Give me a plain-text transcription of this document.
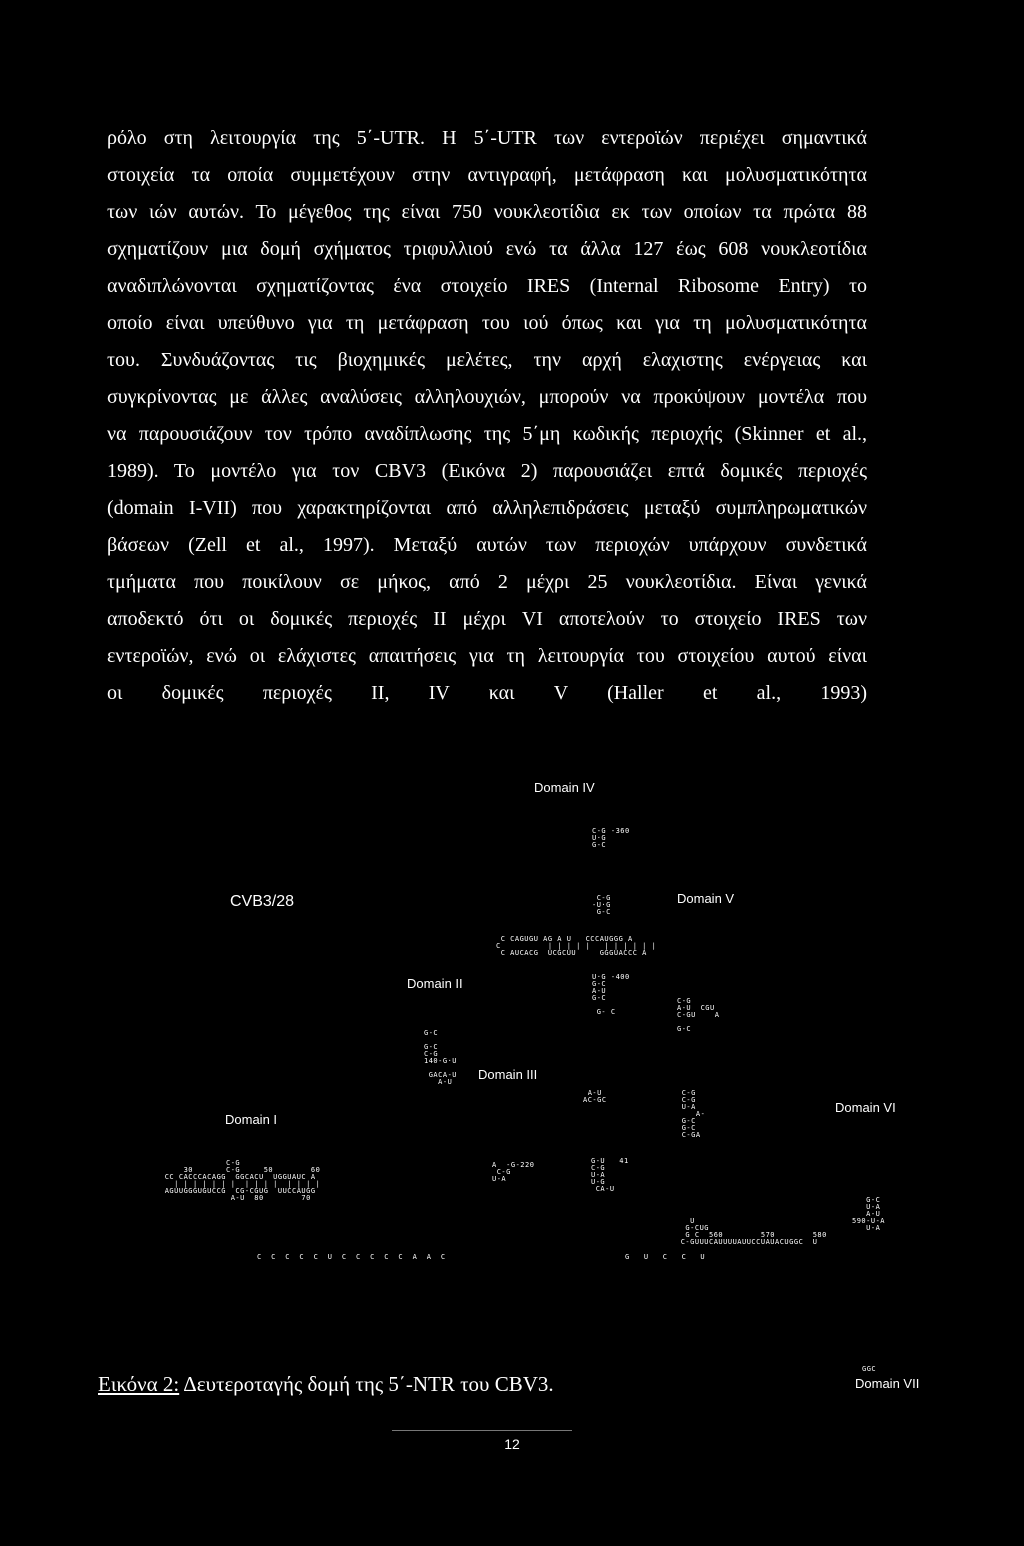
ρόλο στη λειτουργία της 5΄-UTR. H 5΄-UTR των εντεροϊών περιέχει σημαντικά
στοιχεία τα οποία συμμετέχουν στην αντιγραφή, μετάφραση και μολυσματικότητα
των ιών αυτών. Το μέγεθος της είναι 750 νουκλεοτίδια εκ των οποίων τα πρώτα 88
σχηματίζουν μια δομή σχήματος τριφυλλιού ενώ τα άλλα 127 έως 608 νουκλεοτίδια
αναδιπλώνονται σχηματίζοντας ένα στοιχείο IRES (Internal Ribosome Entry) το
οποίο είναι υπεύθυνο για τη μετάφραση του ιού όπως και για τη μολυσματικότητα
του. Συνδυάζοντας τις βιοχημικές μελέτες, την αρχή ελαχιστης ενέργειας και
συγκρίνοντας με άλλες αναλύσεις αλληλουχιών, μπορούν να προκύψουν μοντέλα που
να παρουσιάζουν τον τρόπο αναδίπλωσης της 5΄μη κωδικής περιοχής (Skinner et al.,
1989). Το μοντέλο για τον CBV3 (Εικόνα 2) παρουσιάζει επτά δομικές περιοχές
(domain I-VII) που χαρακτηρίζονται από αλληλεπιδράσεις μεταξύ συμπληρωματικών
βάσεων (Zell et al., 1997). Μεταξύ αυτών των περιοχών υπάρχουν συνδετικά
τμήματα που ποικίλουν σε μήκος, από 2 μέχρι 25 νουκλεοτίδια. Είναι γενικά
αποδεκτό ότι οι δομικές περιοχές II μέχρι VI αποτελούν το στοιχείο IRES των
εντεροϊών, ενώ οι ελάχιστες απαιτήσεις για τη λειτουργία του στοιχείου αυτού είναι
οι δομικές περιοχές II, IV και V (Haller et al., 1993)
CVB3/28
Domain IV
Domain V
Domain II
Domain III
Domain I
Domain VI
Domain VII
C-G -360
U·G
G-C
C-G
-U·G
G-C
C CAGUGU AG A U   CCCAUGGG A
C          | | | | |   | | | | | |
C AUCACG  UCGCUU     GGGUACCC A
U·G -400
G-C
A-U
G-C

G- C
C-G
A-U  CGU
C-GU    A

G-C
G-C

G-C
C-G
140-G·U

GACA-U
A-U
A-U
AC-GC
C-G
C-G
U-A
A-
G-C
G-C
C-GA
C-G
30       C-G     50        60
CC CACCCACAGG  GGCACU  UGGUAUC A
| | | | | | |  | | | |  | | | |
AGUUGGGUGUCCG  CG-CGUG  UUCCAUGG
A-U  80        70
A  -G-220
C-G
U-A
G-U   41
C-G
U-A
U-G
CA-U
G-C
U-A
A-U
590-U-A
U-A
U
G-CUG
G C  560        570        580
C-GUUUCAUUUUAUUCCUAUACUGGC  U
C  C  C  C  C  U  C  C  C  C  C  A  A  C	G   U   C   C   U
GGC
Εικόνα 2: Δευτεροταγής δομή της 5΄-NTR του CBV3.
12
